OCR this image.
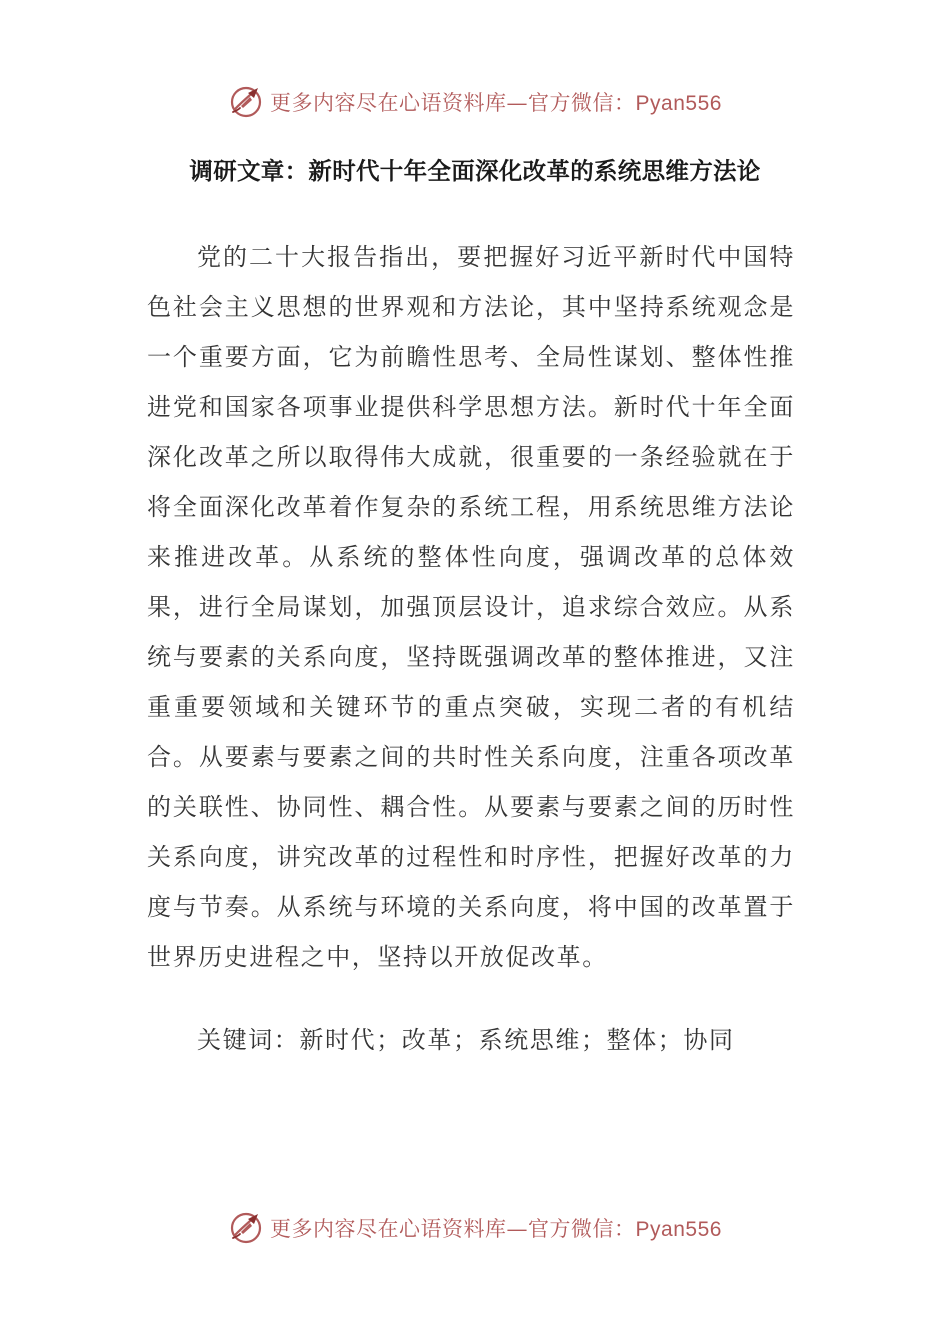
更多内容尽在心语资料库—官方微信：Pyan556
调研文章：新时代十年全面深化改革的系统思维方法论

党的二十大报告指出，要把握好习近平新时代中国特色社会主义思想的世界观和方法论，其中坚持系统观念是一个重要方面，它为前瞻性思考、全局性谋划、整体性推进党和国家各项事业提供科学思想方法。新时代十年全面深化改革之所以取得伟大成就，很重要的一条经验就在于将全面深化改革着作复杂的系统工程，用系统思维方法论来推进改革。从系统的整体性向度，强调改革的总体效果，进行全局谋划，加强顶层设计，追求综合效应。从系统与要素的关系向度，坚持既强调改革的整体推进，又注重重要领域和关键环节的重点突破，实现二者的有机结合。从要素与要素之间的共时性关系向度，注重各项改革的关联性、协同性、耦合性。从要素与要素之间的历时性关系向度，讲究改革的过程性和时序性，把握好改革的力度与节奏。从系统与环境的关系向度，将中国的改革置于世界历史进程之中，坚持以开放促改革。

关键词：新时代；改革；系统思维；整体；协同
更多内容尽在心语资料库—官方微信：Pyan556
